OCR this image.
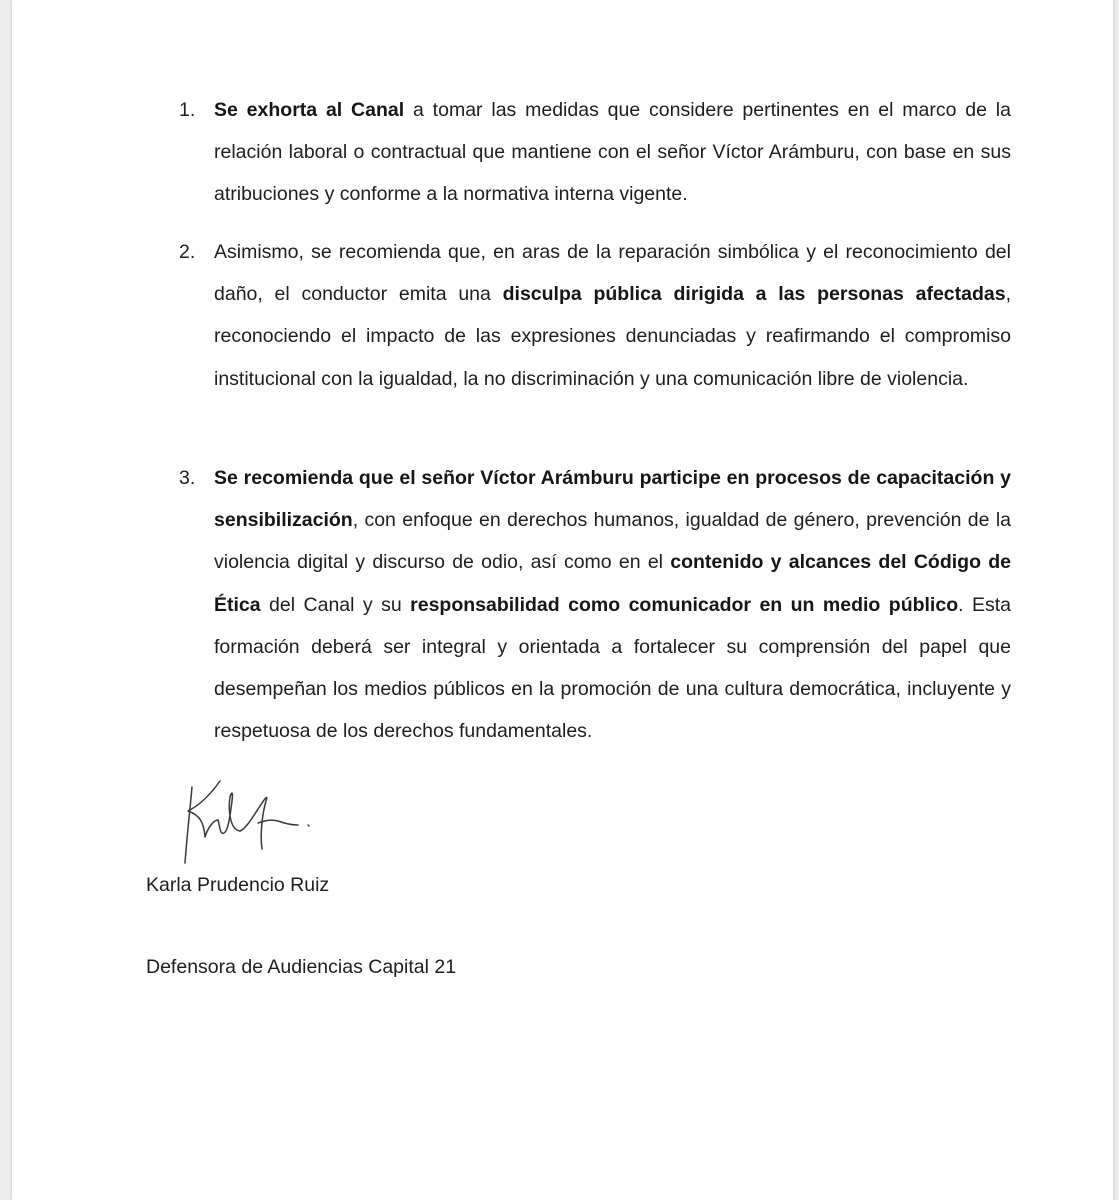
1. Se exhorta al Canal a tomar las medidas que considere pertinentes en el marco de la relación laboral o contractual que mantiene con el señor Víctor Arámburu, con base en sus atribuciones y conforme a la normativa interna vigente.
2. Asimismo, se recomienda que, en aras de la reparación simbólica y el reconocimiento del daño, el conductor emita una disculpa pública dirigida a las personas afectadas, reconociendo el impacto de las expresiones denunciadas y reafirmando el compromiso institucional con la igualdad, la no discriminación y una comunicación libre de violencia.
3. Se recomienda que el señor Víctor Arámburu participe en procesos de capacitación y sensibilización, con enfoque en derechos humanos, igualdad de género, prevención de la violencia digital y discurso de odio, así como en el contenido y alcances del Código de Ética del Canal y su responsabilidad como comunicador en un medio público. Esta formación deberá ser integral y orientada a fortalecer su comprensión del papel que desempeñan los medios públicos en la promoción de una cultura democrática, incluyente y respetuosa de los derechos fundamentales.
Karla Prudencio Ruiz
Defensora de Audiencias Capital 21
